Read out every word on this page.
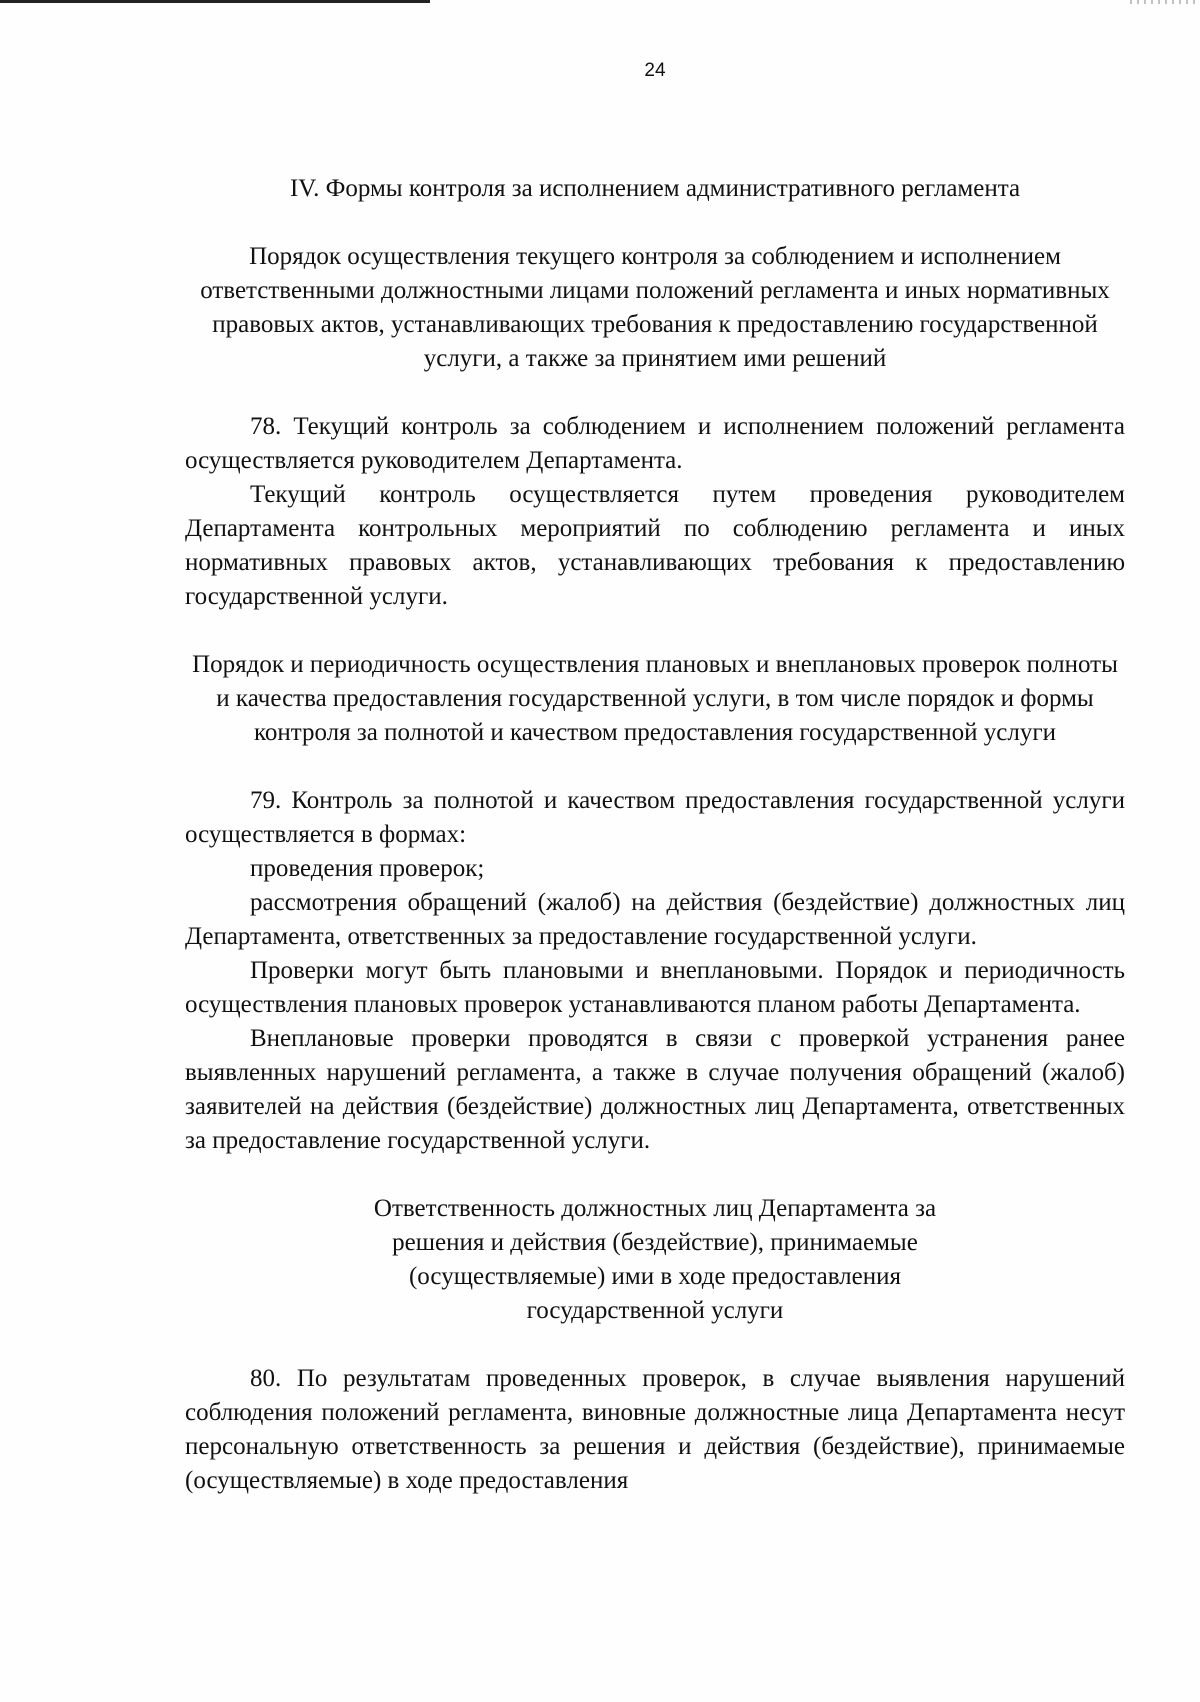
24

IV. Формы контроля за исполнением административного регламента

Порядок осуществления текущего контроля за соблюдением и исполнением ответственными должностными лицами положений регламента и иных нормативных правовых актов, устанавливающих требования к предоставлению государственной услуги, а также за принятием ими решений

78. Текущий контроль за соблюдением и исполнением положений регламента осуществляется руководителем Департамента.

Текущий контроль осуществляется путем проведения руководителем Департамента контрольных мероприятий по соблюдению регламента и иных нормативных правовых актов, устанавливающих требования к предоставлению государственной услуги.

Порядок и периодичность осуществления плановых и внеплановых проверок полноты и качества предоставления государственной услуги, в том числе порядок и формы контроля за полнотой и качеством предоставления государственной услуги

79. Контроль за полнотой и качеством предоставления государственной услуги осуществляется в формах:

проведения проверок;

рассмотрения обращений (жалоб) на действия (бездействие) должностных лиц Департамента, ответственных за предоставление государственной услуги.

Проверки могут быть плановыми и внеплановыми. Порядок и периодичность осуществления плановых проверок устанавливаются планом работы Департамента.

Внеплановые проверки проводятся в связи с проверкой устранения ранее выявленных нарушений регламента, а также в случае получения обращений (жалоб) заявителей на действия (бездействие) должностных лиц Департамента, ответственных за предоставление государственной услуги.

Ответственность должностных лиц Департамента за решения и действия (бездействие), принимаемые (осуществляемые) ими в ходе предоставления государственной услуги

80. По результатам проведенных проверок, в случае выявления нарушений соблюдения положений регламента, виновные должностные лица Департамента несут персональную ответственность за решения и действия (бездействие), принимаемые (осуществляемые) в ходе предоставления
